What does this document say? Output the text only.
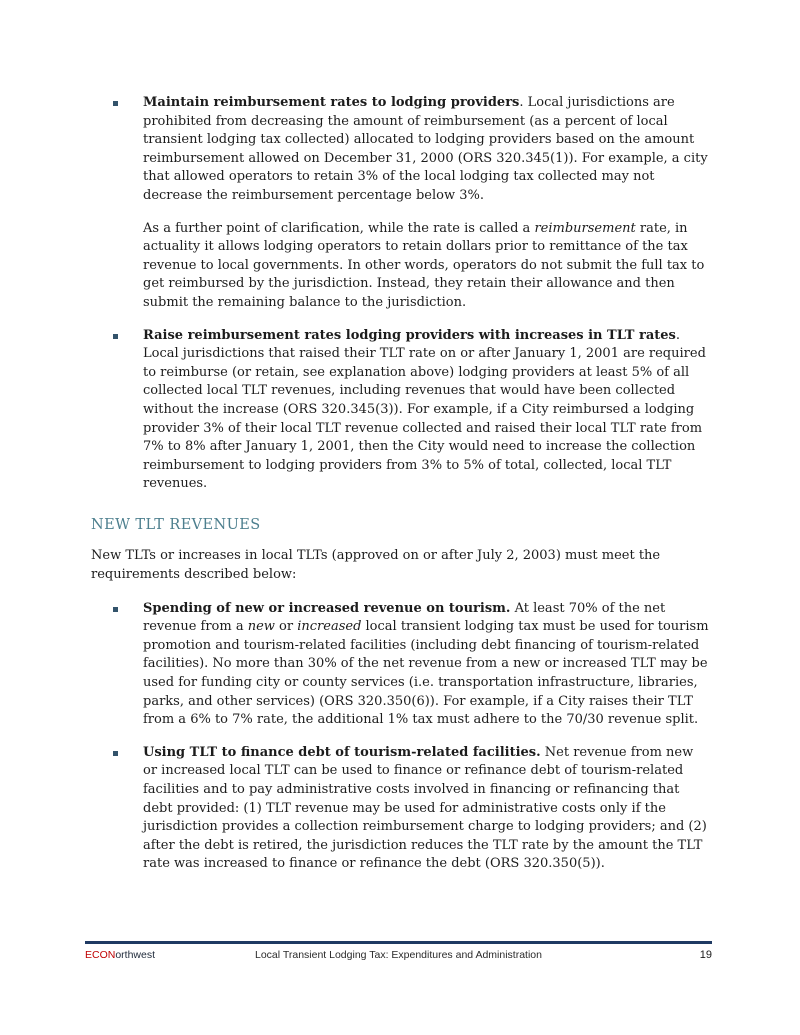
Maintain reimbursement rates to lodging providers. Local jurisdictions are prohibited from decreasing the amount of reimbursement (as a percent of local transient lodging tax collected) allocated to lodging providers based on the amount reimbursement allowed on December 31, 2000 (ORS 320.345(1)). For example, a city that allowed operators to retain 3% of the local lodging tax collected may not decrease the reimbursement percentage below 3%.

As a further point of clarification, while the rate is called a reimbursement rate, in actuality it allows lodging operators to retain dollars prior to remittance of the tax revenue to local governments. In other words, operators do not submit the full tax to get reimbursed by the jurisdiction. Instead, they retain their allowance and then submit the remaining balance to the jurisdiction.

Raise reimbursement rates lodging providers with increases in TLT rates. Local jurisdictions that raised their TLT rate on or after January 1, 2001 are required to reimburse (or retain, see explanation above) lodging providers at least 5% of all collected local TLT revenues, including revenues that would have been collected without the increase (ORS 320.345(3)). For example, if a City reimbursed a lodging provider 3% of their local TLT revenue collected and raised their local TLT rate from 7% to 8% after January 1, 2001, then the City would need to increase the collection reimbursement to lodging providers from 3% to 5% of total, collected, local TLT revenues.

NEW TLT REVENUES

New TLTs or increases in local TLTs (approved on or after July 2, 2003) must meet the requirements described below:

Spending of new or increased revenue on tourism. At least 70% of the net revenue from a new or increased local transient lodging tax must be used for tourism promotion and tourism-related facilities (including debt financing of tourism-related facilities). No more than 30% of the net revenue from a new or increased TLT may be used for funding city or county services (i.e. transportation infrastructure, libraries, parks, and other services) (ORS 320.350(6)). For example, if a City raises their TLT from a 6% to 7% rate, the additional 1% tax must adhere to the 70/30 revenue split.

Using TLT to finance debt of tourism-related facilities. Net revenue from new or increased local TLT can be used to finance or refinance debt of tourism-related facilities and to pay administrative costs involved in financing or refinancing that debt provided: (1) TLT revenue may be used for administrative costs only if the jurisdiction provides a collection reimbursement charge to lodging providers; and (2) after the debt is retired, the jurisdiction reduces the TLT rate by the amount the TLT rate was increased to finance or refinance the debt (ORS 320.350(5)).

ECONorthwest	Local Transient Lodging Tax: Expenditures and Administration	19
